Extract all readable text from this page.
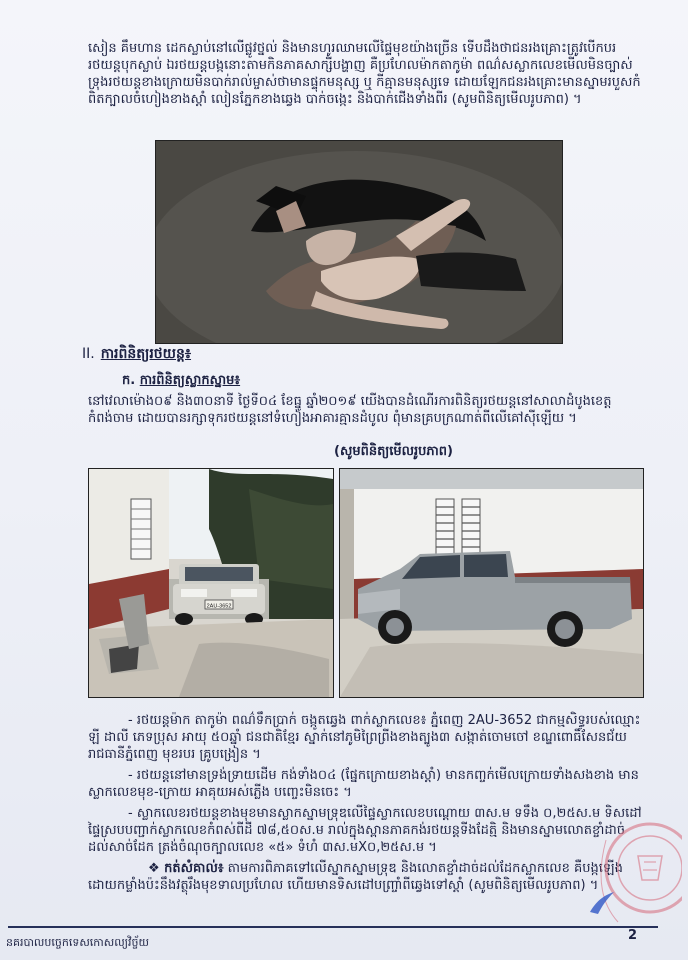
សៀន គឹមហាន ដេកស្លាប់នៅលើផ្លូវថ្នល់ និងមានហូរឈាមលើផ្ទៃមុខយ៉ាងច្រើន ទើបដឹងថាជនរងគ្រោះត្រូវបើកបររថយន្តបុកស្លាប់ ឯរថយន្តបង្កនោះតាមកិនភាគសាក្សីបង្ហាញ គឺប្រហែលម៉ាកតាកូម៉ា ពណ៌សស្លាកលេខមើលមិនច្បាស់ ទ្រុងរថយន្តខាងក្រោយមិនបាក់រាល់ម្ចាស់ថាមានផ្ទុកមនុស្ស ឬ កីគ្មានមនុស្សទេ ដោយឡែកជនរងគ្រោះមានស្នាមរបួសកំពិតក្បាលចំហៀងខាងស្តាំ លៀនភ្នែកខាងឆ្វេង បាក់ចង្កេះ និងបាក់ជើងទាំងពីរ (សូមពិនិត្យមើលរូបភាព) ។
II. ការពិនិត្យរថយន្ត៖
ក. ការពិនិត្យស្លាកស្នាម៖
នៅវេលាម៉ោង០៩ និង៣០នាទី ថ្ងៃទី០៤ ខែធ្នូ ឆ្នាំ២០១៩ យើងបានដំណើរការពិនិត្យរថយន្តនៅសាលាដំបូងខេត្តកំពង់ចាម ដោយបានរក្សាទុករថយន្តនៅទំហៀងអាគារគ្មានដំបូល ពុំមានគ្របក្រណាត់ពីលើគៅស៊ីឡើយ ។
(សូមពិនិត្យមើលរូបភាព)
2AU-3652

- រថយន្តម៉ាក តាកូម៉ា ពណ៌ទឹកប្រាក់ ចង្កូតឆ្វេង ពាក់ស្លាកលេខ៖ ភ្នំពេញ 2AU-3652 ជាកម្មសិទ្ធរបស់ឈ្មោះ ឡី ដាលី ភេទប្រុស អាយុ ៥០ឆ្នាំ ជនជាតិខ្មែរ ស្នាក់នៅភូមិព្រៃព្រីងខាងត្បូង៣ សង្កាត់ចោមចៅ ខណ្ឌពោធិ៍សែនជ័យ រាជធានីភ្នំពេញ មុខរបរ គ្រូបង្រៀន ។

- រថយន្តនៅមានទ្រង់ទ្រាយដើម កង់ទាំង០៤ (ផ្នែកក្រោយខាងស្តាំ) មានកញ្ចក់មើលក្រោយទាំងសងខាង មានស្លាកលេខមុខ-ក្រោយ អាគុយអស់ភ្លើង បញ្ចេះមិនចេះ ។

- ស្លាកលេខរថយន្តខាងមុខមានស្លាកស្នាមទ្រុឌលើផ្ទៃស្លាកលេខបណ្តោយ ៣ស.ម ទទឹង ០,២៥ស.ម ទិសដៅផ្ទៃស្របបញ្ជាក់ស្លាកលេខកំពស់ពីដី ៧៨,៥០ស.ម រាល់ក្នុងស្ពានភាគកង់រថយន្តទីងដែតិ្ម និងមានស្នាមលោតខ្ចាំដាច់ដល់សាច់ដែក ត្រង់ចំណុចក្បាលលេខ «៥» ទំហំ ៣ស.មX០,២៥ស.ម ។

❖ កត់សំគាល់៖ តាមការពិភាគទៅលើស្នាកស្នាមទ្រុឌ និងលោតខ្ចាំដាច់ដល់ដែកស្លាកលេខ គឺបង្កឡើងដោយកម្លាំងប៉ះនឹងវត្ថុរឹងមុខទាលប្រហែល ហើយមានទិសដៅបញ្ច្រាំពីឆ្វេងទៅស្តាំ (សូមពិនិត្យមើលរូបភាព) ។

នគរបាលបច្ចេកទេសកោសល្យវិច្ច័យ	2
